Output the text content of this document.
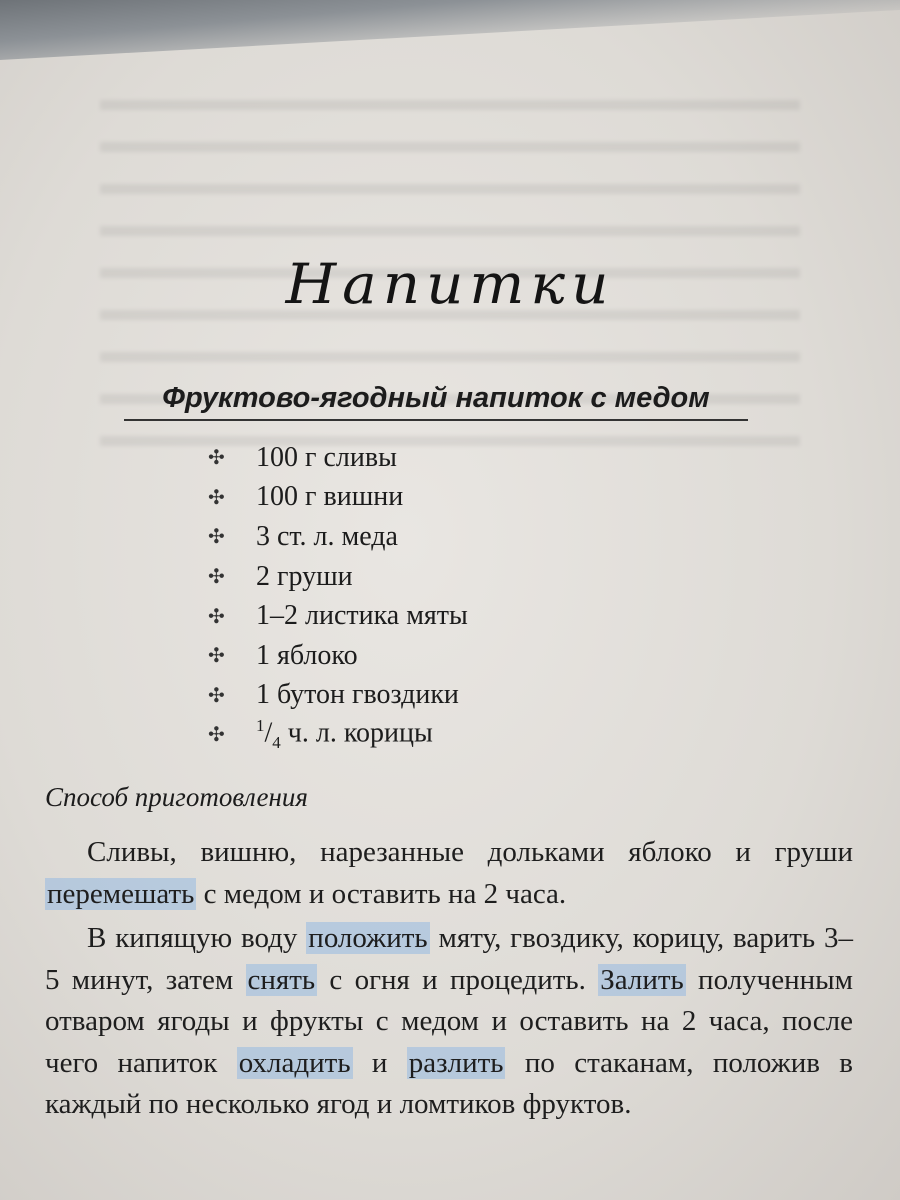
Напитки
Фруктово-ягодный напиток с медом
✣	100 г сливы
✣	100 г вишни
✣	3 ст. л. меда
✣	2 груши
✣	1–2 листика мяты
✣	1 яблоко
✣	1 бутон гвоздики
✣	$^1/_4$ ч. л. корицы
Способ приготовления

Сливы, вишню, нарезанные дольками яблоко и груши перемешать с медом и оставить на 2 часа.

В кипящую воду положить мяту, гвоздику, корицу, варить 3–5 минут, затем снять с огня и процедить. Залить полученным отваром ягоды и фрукты с медом и оставить на 2 часа, после чего напиток охладить и разлить по стаканам, положив в каждый по несколько ягод и ломтиков фруктов.
